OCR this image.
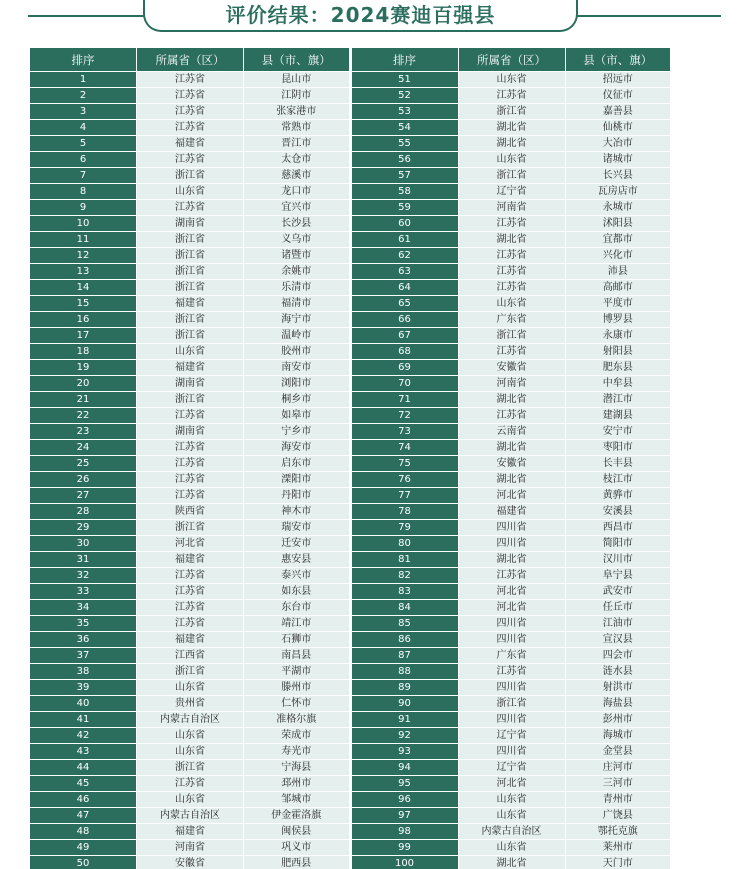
评价结果：2024赛迪百强县
排序	所属省（区）	县（市、旗）
1	江苏省	昆山市
2	江苏省	江阴市
3	江苏省	张家港市
4	江苏省	常熟市
5	福建省	晋江市
6	江苏省	太仓市
7	浙江省	慈溪市
8	山东省	龙口市
9	江苏省	宜兴市
10	湖南省	长沙县
11	浙江省	义乌市
12	浙江省	诸暨市
13	浙江省	余姚市
14	浙江省	乐清市
15	福建省	福清市
16	浙江省	海宁市
17	浙江省	温岭市
18	山东省	胶州市
19	福建省	南安市
20	湖南省	浏阳市
21	浙江省	桐乡市
22	江苏省	如皋市
23	湖南省	宁乡市
24	江苏省	海安市
25	江苏省	启东市
26	江苏省	溧阳市
27	江苏省	丹阳市
28	陕西省	神木市
29	浙江省	瑞安市
30	河北省	迁安市
31	福建省	惠安县
32	江苏省	泰兴市
33	江苏省	如东县
34	江苏省	东台市
35	江苏省	靖江市
36	福建省	石狮市
37	江西省	南昌县
38	浙江省	平湖市
39	山东省	滕州市
40	贵州省	仁怀市
41	内蒙古自治区	准格尔旗
42	山东省	荣成市
43	山东省	寿光市
44	浙江省	宁海县
45	江苏省	邳州市
46	山东省	邹城市
47	内蒙古自治区	伊金霍洛旗
48	福建省	闽侯县
49	河南省	巩义市
50	安徽省	肥西县
排序	所属省（区）	县（市、旗）
51	山东省	招远市
52	江苏省	仪征市
53	浙江省	嘉善县
54	湖北省	仙桃市
55	湖北省	大冶市
56	山东省	诸城市
57	浙江省	长兴县
58	辽宁省	瓦房店市
59	河南省	永城市
60	江苏省	沭阳县
61	湖北省	宜都市
62	江苏省	兴化市
63	江苏省	沛县
64	江苏省	高邮市
65	山东省	平度市
66	广东省	博罗县
67	浙江省	永康市
68	江苏省	射阳县
69	安徽省	肥东县
70	河南省	中牟县
71	湖北省	潜江市
72	江苏省	建湖县
73	云南省	安宁市
74	湖北省	枣阳市
75	安徽省	长丰县
76	湖北省	枝江市
77	河北省	黄骅市
78	福建省	安溪县
79	四川省	西昌市
80	四川省	简阳市
81	湖北省	汉川市
82	江苏省	阜宁县
83	河北省	武安市
84	河北省	任丘市
85	四川省	江油市
86	四川省	宣汉县
87	广东省	四会市
88	江苏省	涟水县
89	四川省	射洪市
90	浙江省	海盐县
91	四川省	彭州市
92	辽宁省	海城市
93	四川省	金堂县
94	辽宁省	庄河市
95	河北省	三河市
96	山东省	青州市
97	山东省	广饶县
98	内蒙古自治区	鄂托克旗
99	山东省	莱州市
100	湖北省	天门市
